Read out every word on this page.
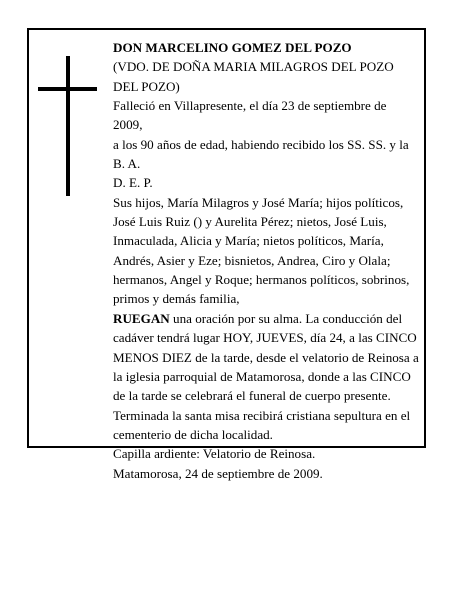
DON MARCELINO GOMEZ DEL POZO

(VDO. DE DOÑA MARIA MILAGROS DEL POZO DEL POZO)

Falleció en Villapresente, el día 23 de septiembre de 2009,

a los 90 años de edad, habiendo recibido los SS. SS. y la B. A.

D. E. P.

Sus hijos, María Milagros y José María; hijos políticos, José Luis Ruiz () y Aurelita Pérez; nietos, José Luis, Inmaculada, Alicia y María; nietos políticos, María, Andrés, Asier y Eze; bisnietos, Andrea, Ciro y Olala; hermanos, Angel y Roque; hermanos políticos, sobrinos, primos y demás familia,

RUEGAN una oración por su alma. La conducción del cadáver tendrá lugar HOY, JUEVES, día 24, a las CINCO MENOS DIEZ de la tarde, desde el velatorio de Reinosa a la iglesia parroquial de Matamorosa, donde a las CINCO de la tarde se celebrará el funeral de cuerpo presente. Terminada la santa misa recibirá cristiana sepultura en el cementerio de dicha localidad.

Capilla ardiente: Velatorio de Reinosa.

Matamorosa, 24 de septiembre de 2009.
